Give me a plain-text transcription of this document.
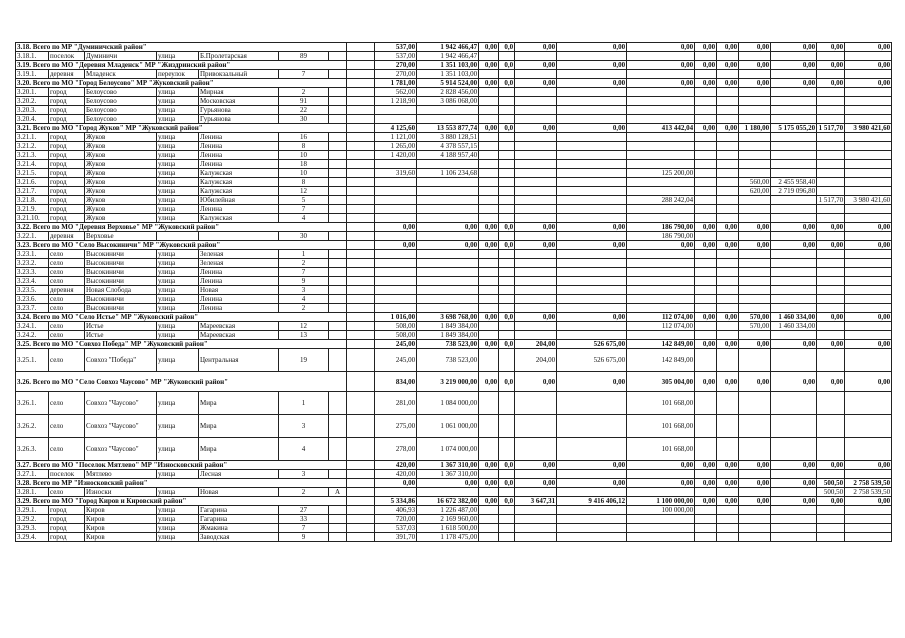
3.18. Всего по МР "Думиничский район"								537,00	1 942 466,47	0,00	0,0	0,00	0,00	0,00	0,00	0,00	0,00	0,00	0,00	0,00
3.18.1.	поселок	Думиничи	улица	Б.Пролетарская	89			537,00	1 942 466,47											
3.19. Всего по МО "Деревня Младенск" МР "Жиздринский район"								270,00	1 351 103,00	0,00	0,0	0,00	0,00	0,00	0,00	0,00	0,00	0,00	0,00	0,00
3.19.1.	деревня	Младенск	переулок	Привокзальный	7			270,00	1 351 103,00											
3.20. Всего по МО "Город Белоусово" МР "Жуковский район"								1 781,00	5 914 524,00	0,00	0,0	0,00	0,00	0,00	0,00	0,00	0,00	0,00	0,00	0,00
3.20.1.	город	Белоусово	улица	Мирная	2			562,00	2 828 456,00											
3.20.2.	город	Белоусово	улица	Московская	91			1 218,90	3 086 068,00											
3.20.3.	город	Белоусово	улица	Гурьянова	22															
3.20.4.	город	Белоусово	улица	Гурьянова	30															
3.21. Всего по МО "Город Жуков" МР "Жуковский район"								4 125,60	13 553 877,74	0,00	0,0	0,00	0,00	413 442,04	0,00	0,00	1 180,00	5 175 055,20	1 517,70	3 980 421,60
3.21.1.	город	Жуков	улица	Ленина	16			1 121,00	3 880 128,51											
3.21.2.	город	Жуков	улица	Ленина	8			1 265,00	4 378 557,15											
3.21.3.	город	Жуков	улица	Ленина	10			1 420,00	4 188 957,40											
3.21.4.	город	Жуков	улица	Ленина	18															
3.21.5.	город	Жуков	улица	Калужская	10			319,60	1 106 234,68					125 200,00						
3.21.6.	город	Жуков	улица	Калужская	8												560,00	2 455 958,40		
3.21.7.	город	Жуков	улица	Калужская	12												620,00	2 719 096,80		
3.21.8.	город	Жуков	улица	Юбилейная	5									288 242,04					1 517,70	3 980 421,60
3.21.9.	город	Жуков	улица	Ленина	7															
3.21.10.	город	Жуков	улица	Калужская	4															
3.22. Всего по МО "Деревня Верховье" МР "Жуковский район"								0,00	0,00	0,00	0,0	0,00	0,00	186 790,00	0,00	0,00	0,00	0,00	0,00	0,00
3.22.1.	деревня	Верховье			30									186 790,00						
3.23. Всего по МО "Село Высокиничи" МР "Жуковский район"								0,00	0,00	0,00	0,0	0,00	0,00	0,00	0,00	0,00	0,00	0,00	0,00	0,00
3.23.1.	село	Высокиничи	улица	Зеленая	1															
3.23.2.	село	Высокиничи	улица	Зеленая	2															
3.23.3.	село	Высокиничи	улица	Ленина	7															
3.23.4.	село	Высокиничи	улица	Ленина	9															
3.23.5.	деревня	Новая Слобода	улица	Новая	3															
3.23.6.	село	Высокиничи	улица	Ленина	4															
3.23.7.	село	Высокиничи	улица	Ленина	2															
3.24. Всего по МО "Село Истье" МР "Жуковский район"								1 016,00	3 698 768,00	0,00	0,0	0,00	0,00	112 074,00	0,00	0,00	570,00	1 460 334,00	0,00	0,00
3.24.1.	село	Истье	улица	Мареевская	12			508,00	1 849 384,00					112 074,00			570,00	1 460 334,00		
3.24.2.	село	Истье	улица	Мареевская	13			508,00	1 849 384,00											
3.25. Всего по МО "Совхоз Победа" МР "Жуковский район"								245,00	738 523,00	0,00	0,0	204,00	526 675,00	142 849,00	0,00	0,00	0,00	0,00	0,00	0,00
3.25.1.	село	Совхоз "Победа"	улица	Центральная	19			245,00	738 523,00			204,00	526 675,00	142 849,00						
3.26. Всего по МО "Село Совхоз Чаусово" МР "Жуковский район"								834,00	3 219 000,00	0,00	0,0	0,00	0,00	305 004,00	0,00	0,00	0,00	0,00	0,00	0,00
3.26.1.	село	Совхоз "Чаусово"	улица	Мира	1			281,00	1 084 000,00					101 668,00						
3.26.2.	село	Совхоз "Чаусово"	улица	Мира	3			275,00	1 061 000,00					101 668,00						
3.26.3.	село	Совхоз "Чаусово"	улица	Мира	4			278,00	1 074 000,00					101 668,00						
3.27. Всего по МО "Поселок Мятлево" МР "Износковский район"								420,00	1 367 310,00	0,00	0,0	0,00	0,00	0,00	0,00	0,00	0,00	0,00	0,00	0,00
3.27.1.	поселок	Мятлево	улица	Лесная	3			420,00	1 367 310,00											
3.28. Всего по МР "Износковский район"								0,00	0,00	0,00	0,0	0,00	0,00	0,00	0,00	0,00	0,00	0,00	500,50	2 758 539,50
3.28.1.	село	Износки	улица	Новая	2	А													500,50	2 758 539,50
3.29. Всего по МО "Город Киров и Кировский район"								5 334,86	16 672 382,00	0,00	0,0	3 647,31	9 416 406,12	1 100 000,00	0,00	0,00	0,00	0,00	0,00	0,00
3.29.1.	город	Киров	улица	Гагарина	27			406,93	1 226 487,00					100 000,00						
3.29.2.	город	Киров	улица	Гагарина	33			720,00	2 169 960,00											
3.29.3.	город	Киров	улица	Жмакина	7			537,03	1 618 500,00											
3.29.4.	город	Киров	улица	Заводская	9			391,70	1 178 475,00											
